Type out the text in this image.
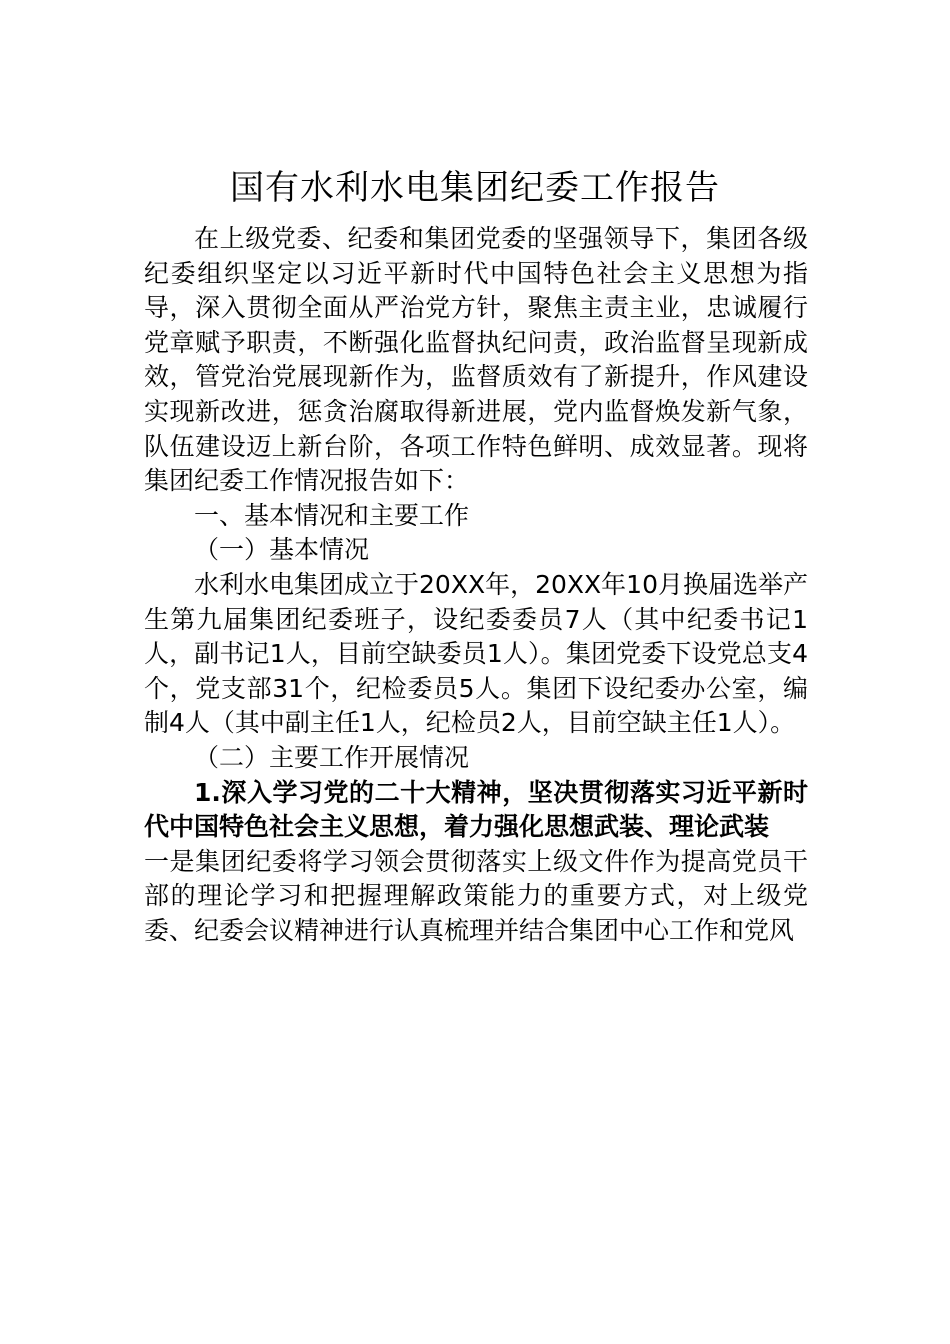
国有水利水电集团纪委工作报告

在上级党委、纪委和集团党委的坚强领导下，集团各级纪委组织坚定以习近平新时代中国特色社会主义思想为指导，深入贯彻全面从严治党方针，聚焦主责主业，忠诚履行党章赋予职责，不断强化监督执纪问责，政治监督呈现新成效，管党治党展现新作为，监督质效有了新提升，作风建设实现新改进，惩贪治腐取得新进展，党内监督焕发新气象，队伍建设迈上新台阶，各项工作特色鲜明、成效显著。现将集团纪委工作情况报告如下：

一、基本情况和主要工作

（一）基本情况

水利水电集团成立于20XX年，20XX年10月换届选举产生第九届集团纪委班子，设纪委委员7人（其中纪委书记1人，副书记1人，目前空缺委员1人）。集团党委下设党总支4个，党支部31个，纪检委员5人。集团下设纪委办公室，编制4人（其中副主任1人，纪检员2人，目前空缺主任1人）。

（二）主要工作开展情况

1.深入学习党的二十大精神，坚决贯彻落实习近平新时代中国特色社会主义思想，着力强化思想武装、理论武装

一是集团纪委将学习领会贯彻落实上级文件作为提高党员干部的理论学习和把握理解政策能力的重要方式，对上级党委、纪委会议精神进行认真梳理并结合集团中心工作和党风
